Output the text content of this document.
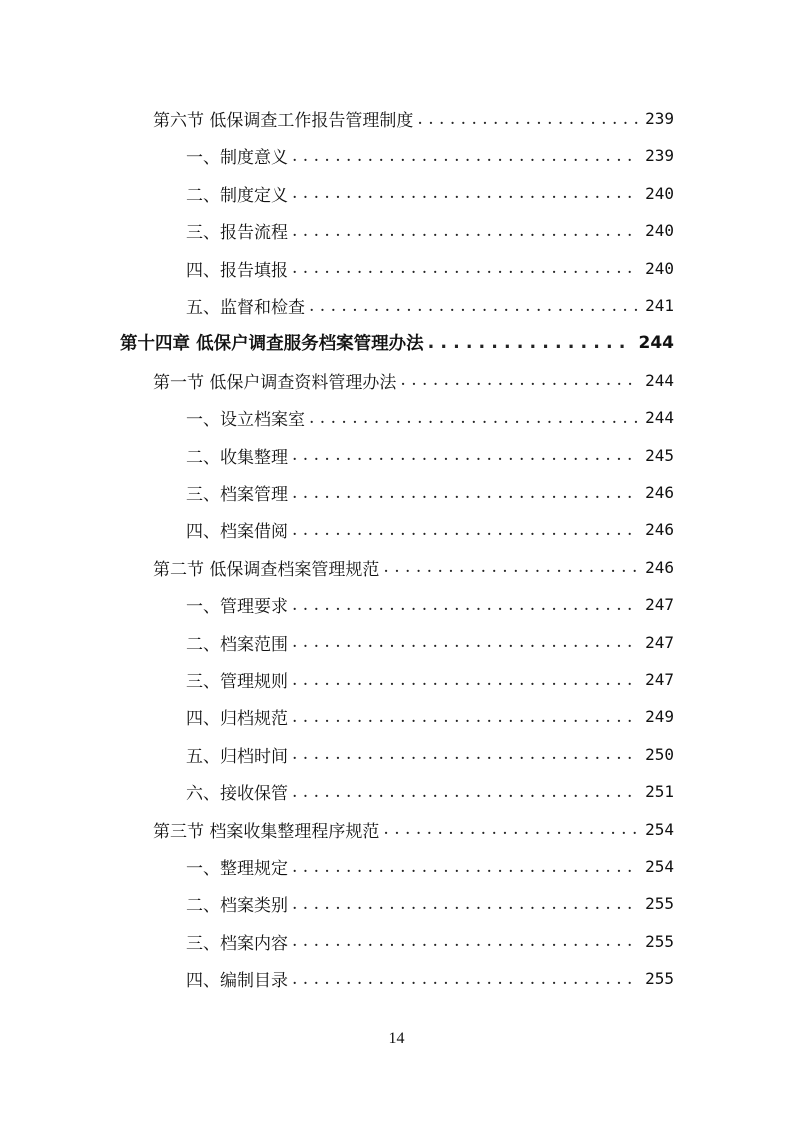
第六节 低保调查工作报告管理制度 . . .	239
一、制度意义 . . .	239
二、制度定义 . . .	240
三、报告流程 . . .	240
四、报告填报 . . .	240
五、监督和检查 . . .	241
第十四章 低保户调查服务档案管理办法 . . .	244
第一节 低保户调查资料管理办法 . . .	244
一、设立档案室 . . .	244
二、收集整理 . . .	245
三、档案管理 . . .	246
四、档案借阅 . . .	246
第二节 低保调查档案管理规范 . . .	246
一、管理要求 . . .	247
二、档案范围 . . .	247
三、管理规则 . . .	247
四、归档规范 . . .	249
五、归档时间 . . .	250
六、接收保管 . . .	251
第三节 档案收集整理程序规范 . . .	254
一、整理规定 . . .	254
二、档案类别 . . .	255
三、档案内容 . . .	255
四、编制目录 . . .	255
14
